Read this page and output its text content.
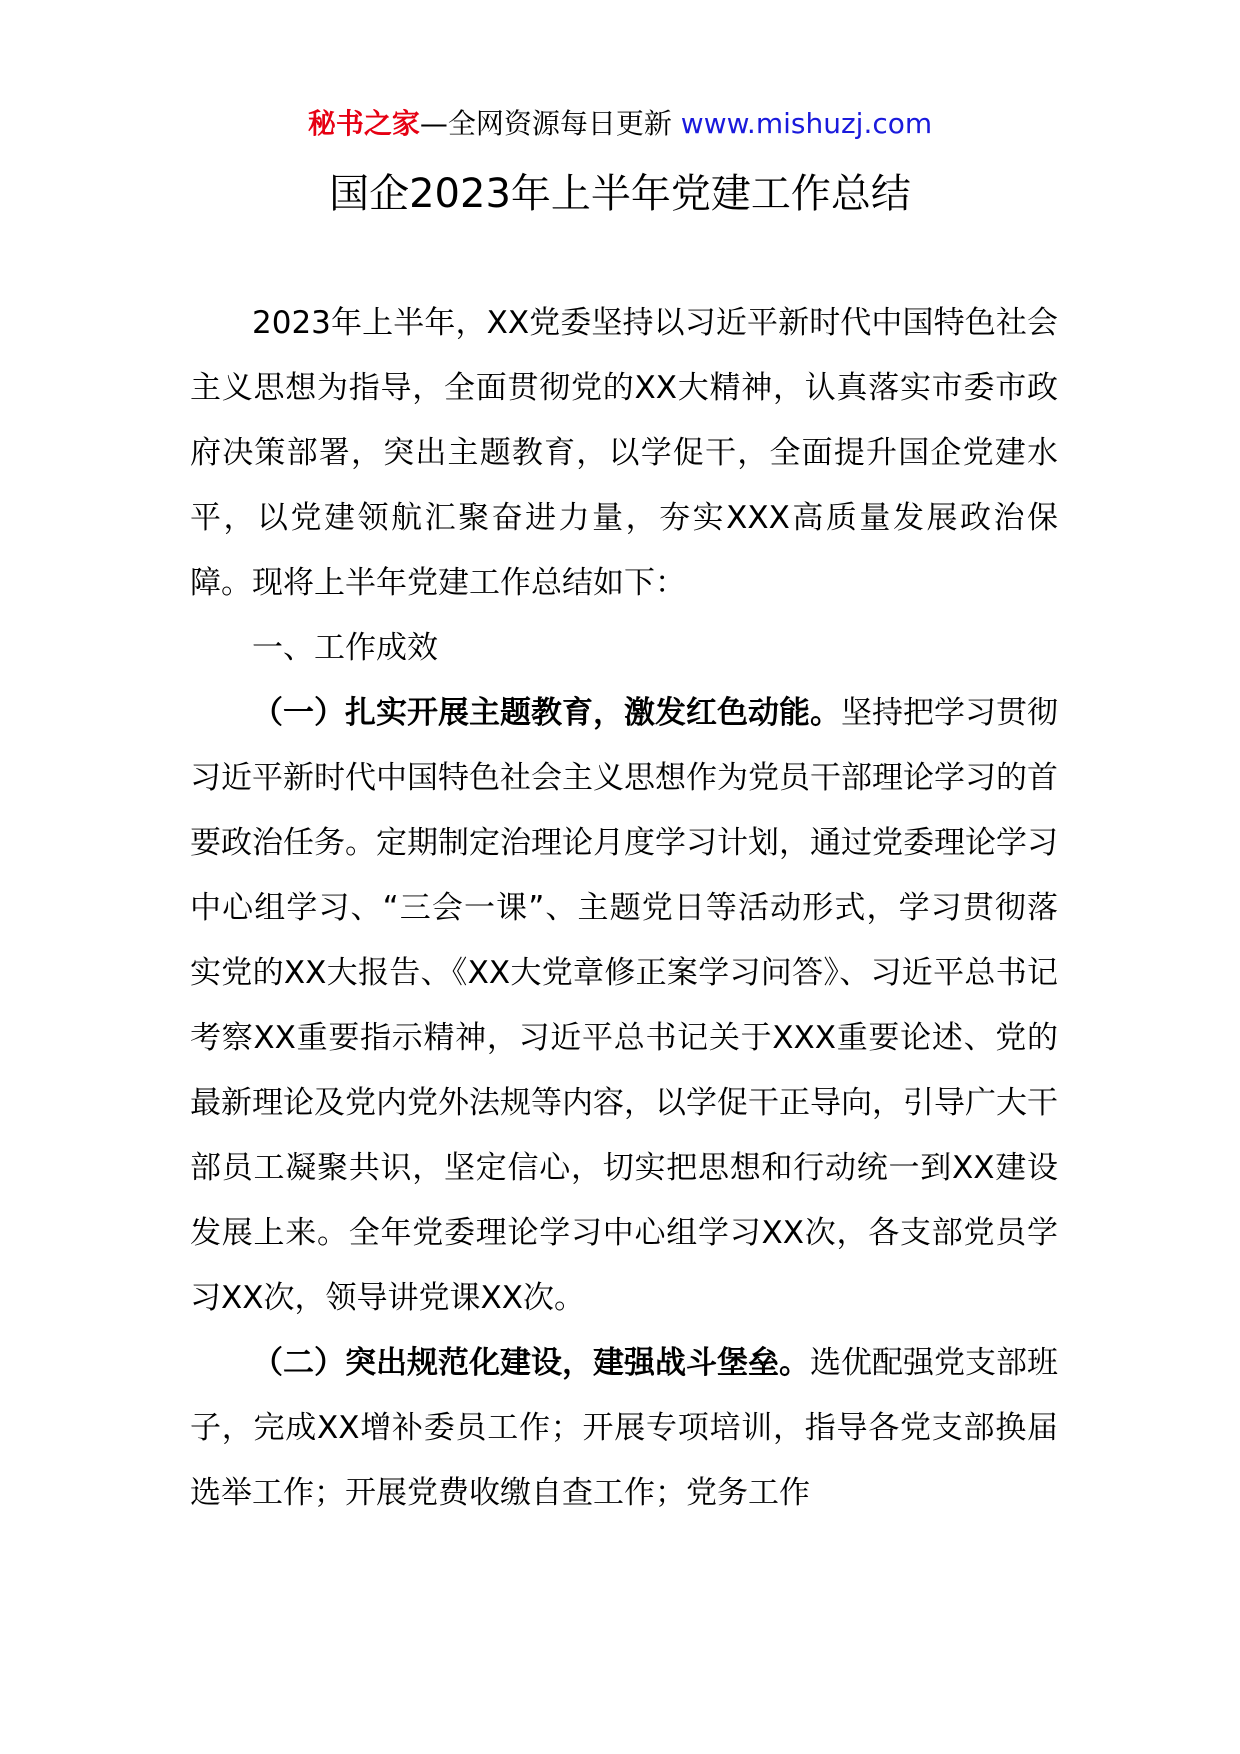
秘书之家—全网资源每日更新 www.mishuzj.com
国企2023年上半年党建工作总结

2023年上半年，XX党委坚持以习近平新时代中国特色社会主义思想为指导，全面贯彻党的XX大精神，认真落实市委市政府决策部署，突出主题教育，以学促干，全面提升国企党建水平，以党建领航汇聚奋进力量，夯实XXX高质量发展政治保障。现将上半年党建工作总结如下：

一、工作成效

（一）扎实开展主题教育，激发红色动能。坚持把学习贯彻习近平新时代中国特色社会主义思想作为党员干部理论学习的首要政治任务。定期制定治理论月度学习计划，通过党委理论学习中心组学习、“三会一课”、主题党日等活动形式，学习贯彻落实党的XX大报告、《XX大党章修正案学习问答》、习近平总书记考察XX重要指示精神，习近平总书记关于XXX重要论述、党的最新理论及党内党外法规等内容，以学促干正导向，引导广大干部员工凝聚共识，坚定信心，切实把思想和行动统一到XX建设发展上来。全年党委理论学习中心组学习XX次，各支部党员学习XX次，领导讲党课XX次。

（二）突出规范化建设，建强战斗堡垒。选优配强党支部班子，完成XX增补委员工作；开展专项培训，指导各党支部换届选举工作；开展党费收缴自查工作；党务工作
